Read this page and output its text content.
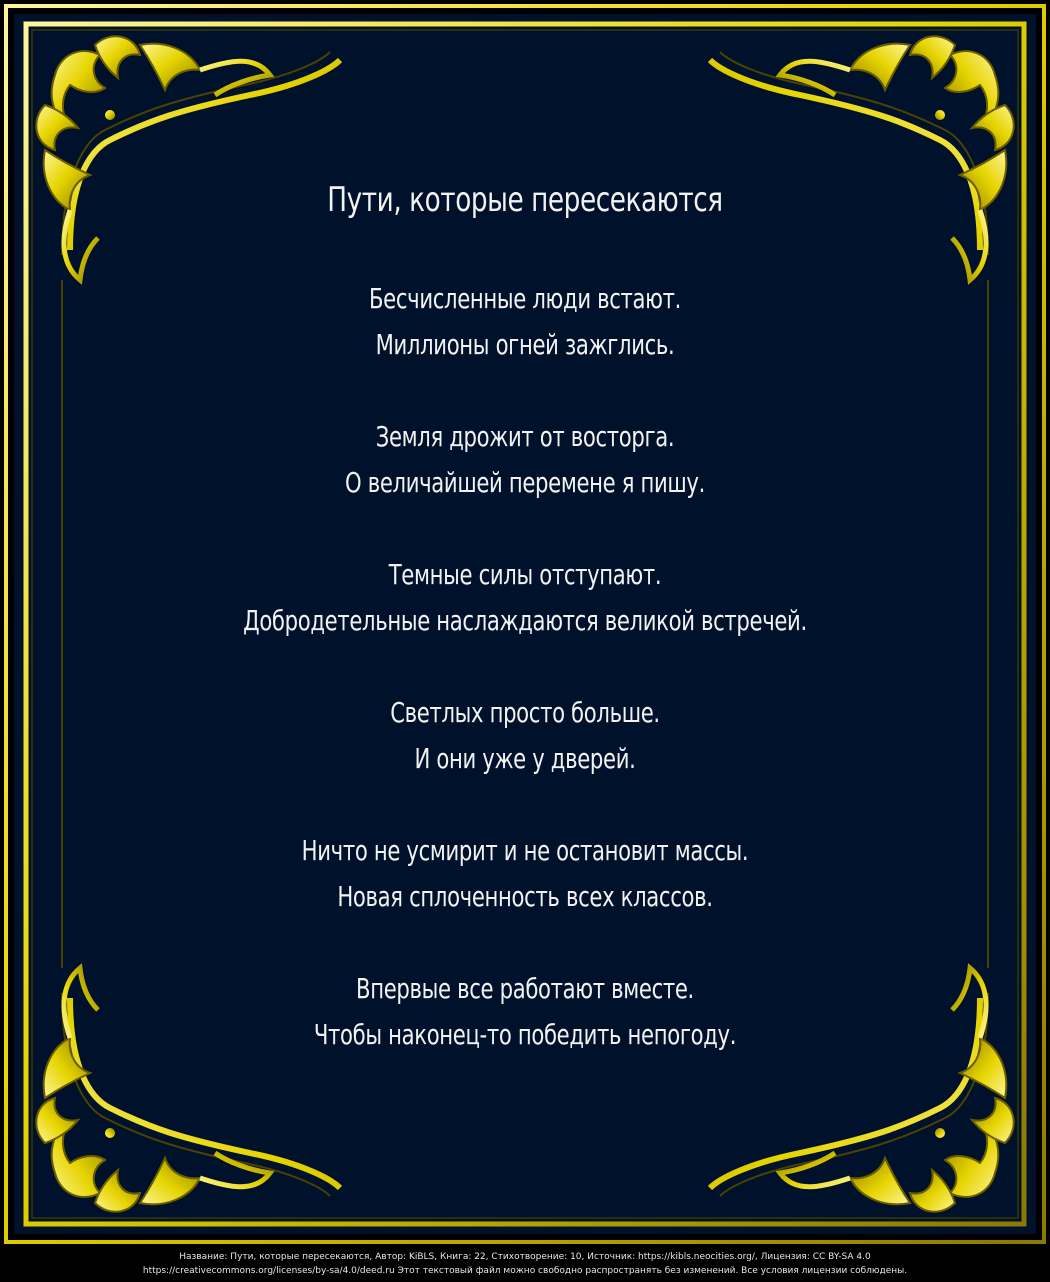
Пути, которые пересекаются
Бесчисленные люди встают.
Миллионы огней зажглись.
Земля дрожит от восторга.
О величайшей перемене я пишу.
Темные силы отступают.
Добродетельные наслаждаются великой встречей.
Светлых просто больше.
И они уже у дверей.
Ничто не усмирит и не остановит массы.
Новая сплоченность всех классов.
Впервые все работают вместе.
Чтобы наконец-то победить непогоду.
Название: Пути, которые пересекаются, Автор: KiBLS, Книга: 22, Стихотворение: 10, Источник: https://kibls.neocities.org/, Лицензия: CC BY-SA 4.0
https://creativecommons.org/licenses/by-sa/4.0/deed.ru Этот текстовый файл можно свободно распространять без изменений. Все условия лицензии соблюдены.
